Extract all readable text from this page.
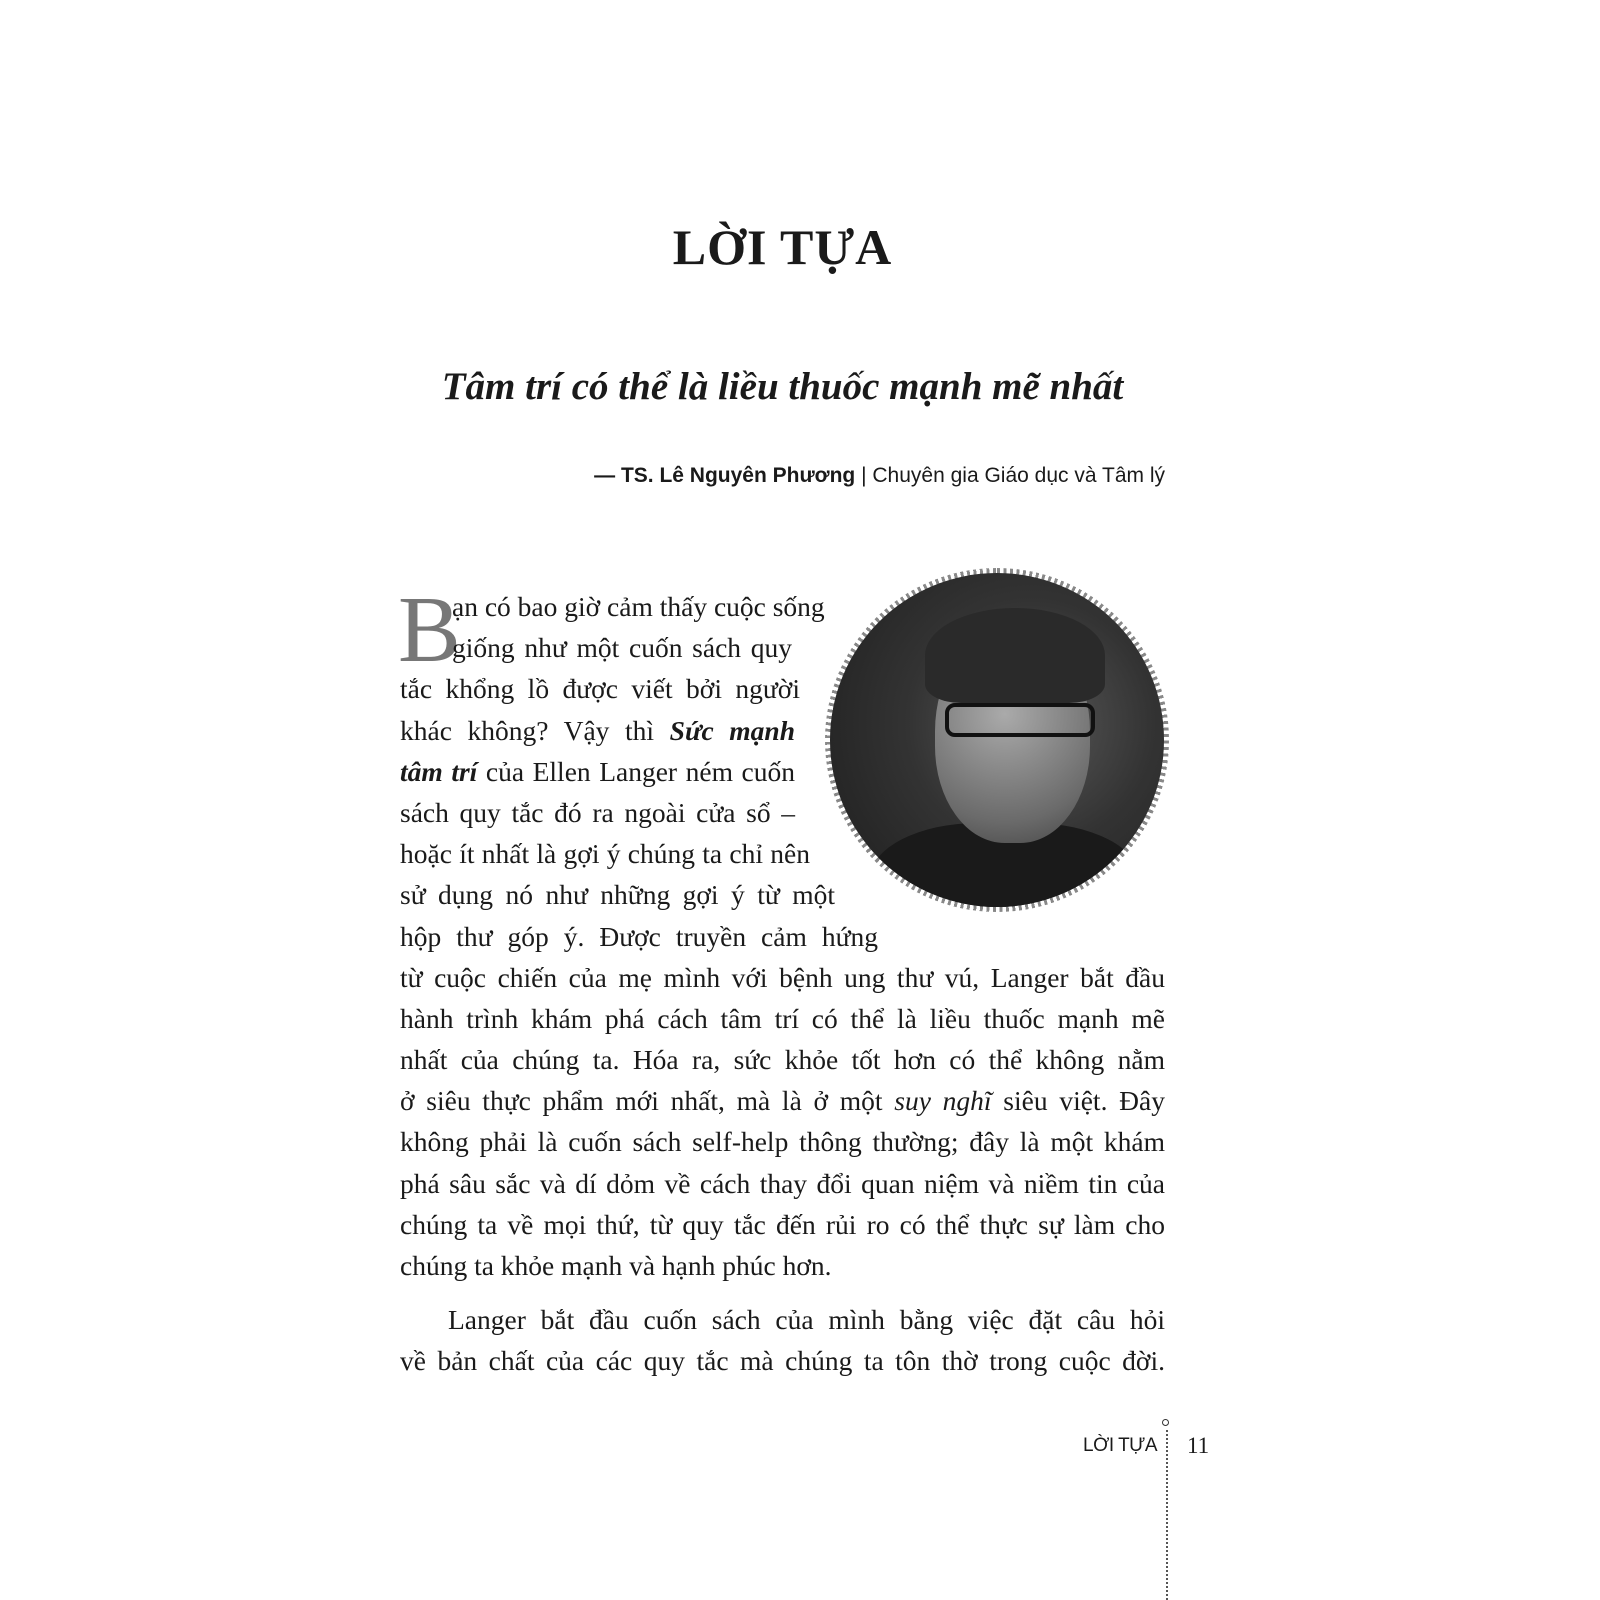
LỜI TỰA
Tâm trí có thể là liều thuốc mạnh mẽ nhất
— TS. Lê Nguyên Phương | Chuyên gia Giáo dục và Tâm lý
B
ạn có bao giờ cảm thấy cuộc sống
giống như một cuốn sách quy
tắc khổng lồ được viết bởi người
khác không? Vậy thì Sức mạnh
tâm trí của Ellen Langer ném cuốn
sách quy tắc đó ra ngoài cửa sổ –
hoặc ít nhất là gợi ý chúng ta chỉ nên
sử dụng nó như những gợi ý từ một
hộp thư góp ý. Được truyền cảm hứng
từ cuộc chiến của mẹ mình với bệnh ung thư vú, Langer bắt đầu
hành trình khám phá cách tâm trí có thể là liều thuốc mạnh mẽ
nhất của chúng ta. Hóa ra, sức khỏe tốt hơn có thể không nằm
ở siêu thực phẩm mới nhất, mà là ở một suy nghĩ siêu việt. Đây
không phải là cuốn sách self-help thông thường; đây là một khám
phá sâu sắc và dí dỏm về cách thay đổi quan niệm và niềm tin của
chúng ta về mọi thứ, từ quy tắc đến rủi ro có thể thực sự làm cho
chúng ta khỏe mạnh và hạnh phúc hơn.
Langer bắt đầu cuốn sách của mình bằng việc đặt câu hỏi
về bản chất của các quy tắc mà chúng ta tôn thờ trong cuộc đời.
LỜI TỰA 11
